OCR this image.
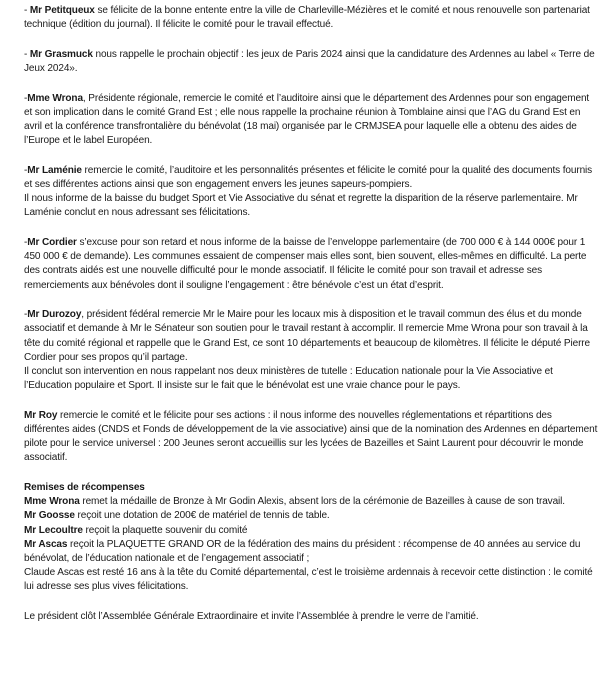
- Mr Petitqueux se félicite de la bonne entente entre la ville de Charleville-Mézières et le comité et nous renouvelle son partenariat technique (édition du journal). Il félicite le comité pour le travail effectué.

- Mr Grasmuck nous rappelle le prochain objectif : les jeux de Paris 2024 ainsi que la candidature des Ardennes au label « Terre de Jeux 2024».

-Mme Wrona, Présidente régionale, remercie le comité et l’auditoire ainsi que le département des Ardennes pour son engagement et son implication dans le comité Grand Est ; elle nous rappelle la prochaine réunion à Tomblaine ainsi que l’AG du Grand Est en avril et la conférence transfrontalière du bénévolat (18 mai) organisée par le CRMJSEA pour laquelle elle a obtenu des aides de l’Europe et le label Européen.

-Mr Laménie remercie le comité, l’auditoire et les personnalités présentes et félicite le comité pour la qualité des documents fournis et ses différentes actions ainsi que son engagement envers les jeunes sapeurs-pompiers.
Il nous informe de la baisse du budget Sport et Vie Associative du sénat et regrette la disparition de la réserve parlementaire. Mr Laménie conclut en nous adressant ses félicitations.

-Mr Cordier s’excuse pour son retard et nous informe de la baisse de l’enveloppe parlementaire (de 700 000 € à 144 000€ pour 1 450 000 € de demande). Les communes essaient de compenser mais elles sont, bien souvent, elles-mêmes en difficulté. La perte des contrats aidés est une nouvelle difficulté pour le monde associatif. Il félicite le comité pour son travail et adresse ses remerciements aux bénévoles dont il souligne l’engagement : être bénévole c’est un état d’esprit.

-Mr Durozoy, président fédéral remercie Mr le Maire pour les locaux mis à disposition et le travail commun des élus et du monde associatif et demande à Mr le Sénateur son soutien pour le travail restant à accomplir. Il remercie Mme Wrona pour son travail à la tête du comité régional et rappelle que le Grand Est, ce sont 10 départements et beaucoup de kilomètres. Il félicite le député Pierre Cordier pour ses propos qu’il partage.
Il conclut son intervention en nous rappelant nos deux ministères de tutelle : Education nationale pour la Vie Associative et l’Education populaire et Sport. Il insiste sur le fait que le bénévolat est une vraie chance pour le pays.

Mr Roy remercie le comité et le félicite pour ses actions : il nous informe des nouvelles réglementations et répartitions des différentes aides (CNDS et Fonds de développement de la vie associative) ainsi que de la nomination des Ardennes en département pilote pour le service universel : 200 Jeunes seront accueillis sur les lycées de Bazeilles et Saint Laurent pour découvrir le monde associatif.

Remises de récompenses
Mme Wrona remet la médaille de Bronze à Mr Godin Alexis, absent lors de la cérémonie de Bazeilles à cause de son travail.
Mr Goosse reçoit une dotation de 200€ de matériel de tennis de table.
Mr Lecoultre reçoit la plaquette souvenir du comité
Mr Ascas reçoit la PLAQUETTE GRAND OR de la fédération des mains du président : récompense de 40 années au service du bénévolat, de l’éducation nationale et de l’engagement associatif ;
Claude Ascas est resté 16 ans à la tête du Comité départemental, c’est le troisième ardennais à recevoir cette distinction : le comité lui adresse ses plus vives félicitations.

Le président clôt l’Assemblée Générale Extraordinaire et invite l’Assemblée à prendre le verre de l’amitié.
